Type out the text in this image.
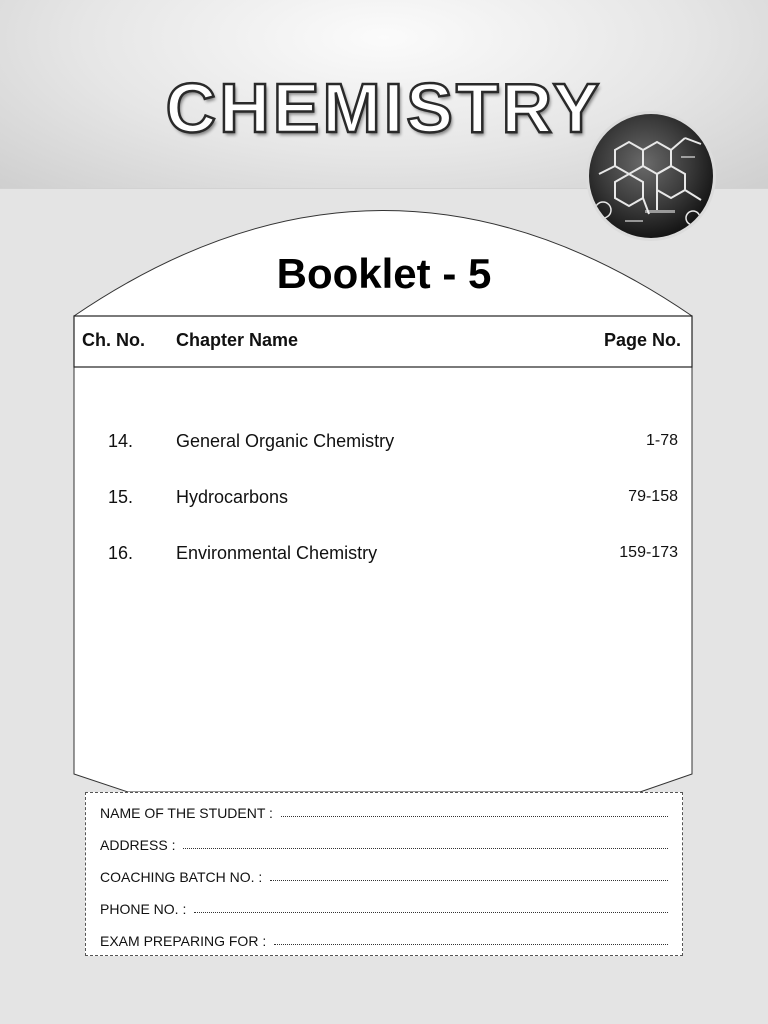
CHEMISTRY
Booklet - 5
Ch. No. Chapter Name	Page No.
14. General Organic Chemistry	1-78
15. Hydrocarbons	79-158
16. Environmental Chemistry	159-173
NAME OF THE STUDENT :
ADDRESS :
COACHING BATCH NO. :
PHONE NO. :
EXAM PREPARING FOR :
